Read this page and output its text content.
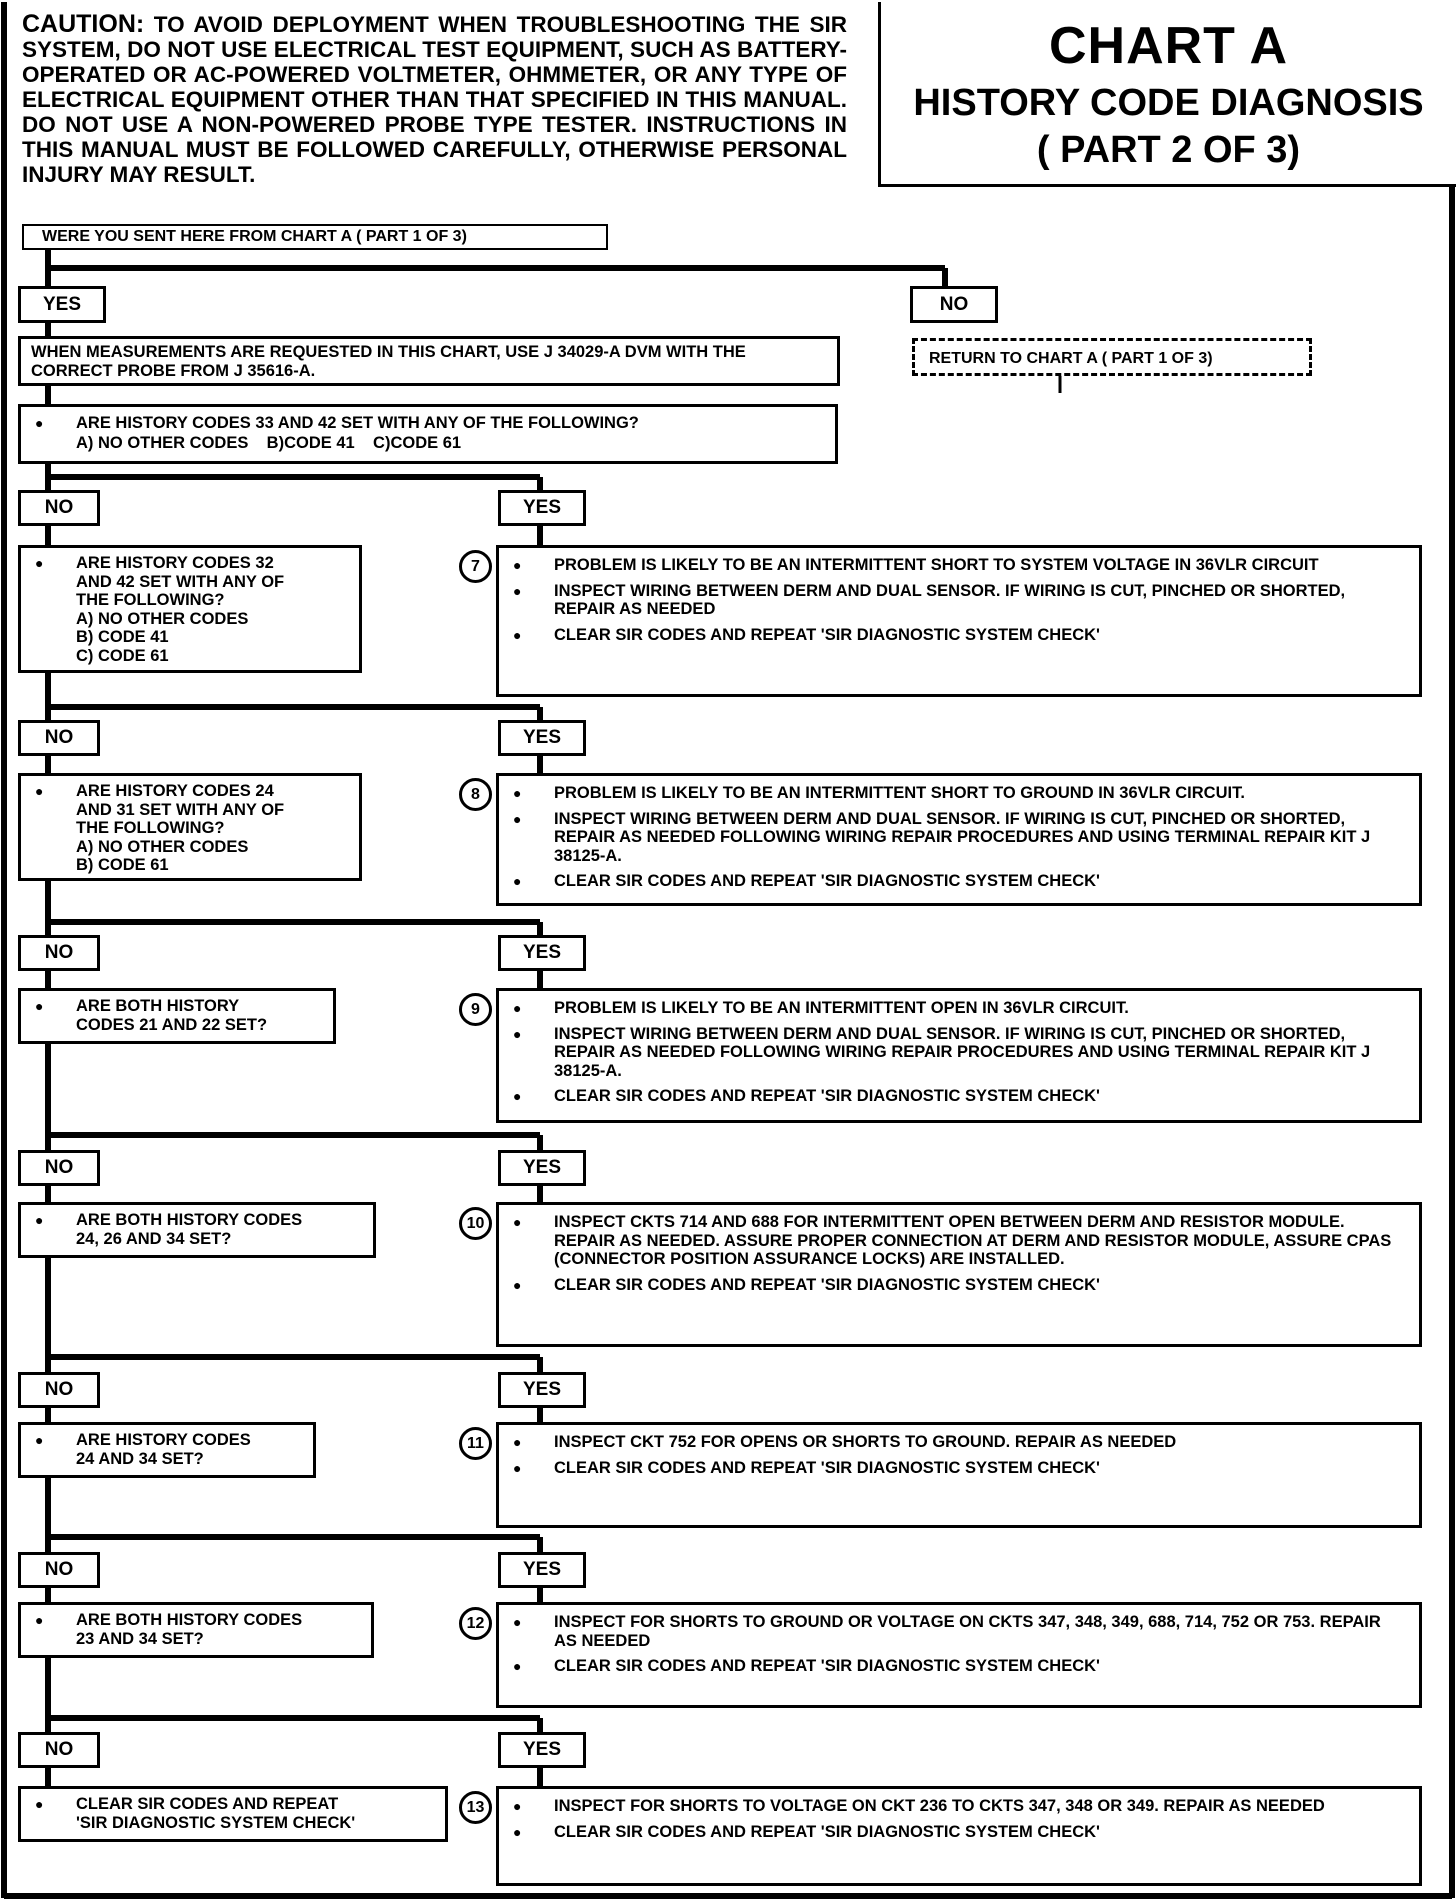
CAUTION: TO AVOID DEPLOYMENT WHEN TROUBLESHOOTING THE SIR SYSTEM, DO NOT USE ELECTRICAL TEST EQUIPMENT, SUCH AS BATTERY-OPERATED OR AC-POWERED VOLTMETER, OHMMETER, OR ANY TYPE OF ELECTRICAL EQUIPMENT OTHER THAN THAT SPECIFIED IN THIS MANUAL. DO NOT USE A NON-POWERED PROBE TYPE TESTER. INSTRUCTIONS IN THIS MANUAL MUST BE FOLLOWED CAREFULLY, OTHERWISE PERSONAL INJURY MAY RESULT.
CHART A
HISTORY CODE DIAGNOSIS
( PART 2 OF 3)
WERE YOU SENT HERE FROM CHART A ( PART 1 OF 3)
YES	NO
RETURN TO CHART A ( PART 1 OF 3)
WHEN MEASUREMENTS ARE REQUESTED IN THIS CHART, USE J 34029-A DVM WITH THE CORRECT PROBE FROM J 35616-A.
● ARE HISTORY CODES 33 AND 42 SET WITH ANY OF THE FOLLOWING?
A) NO OTHER CODES    B)CODE 41    C)CODE 61
NO	YES
● ARE HISTORY CODES 32
AND 42 SET WITH ANY OF
THE FOLLOWING?
A) NO OTHER CODES
B) CODE 41
C) CODE 61
7	● PROBLEM IS LIKELY TO BE AN INTERMITTENT SHORT TO SYSTEM VOLTAGE IN 36VLR CIRCUIT
● INSPECT WIRING BETWEEN DERM AND DUAL SENSOR. IF WIRING IS CUT, PINCHED OR SHORTED, REPAIR AS NEEDED
● CLEAR SIR CODES AND REPEAT 'SIR DIAGNOSTIC SYSTEM CHECK'
NO	YES
● ARE HISTORY CODES 24
AND 31 SET WITH ANY OF
THE FOLLOWING?
A) NO OTHER CODES
B) CODE 61
8	● PROBLEM IS LIKELY TO BE AN INTERMITTENT SHORT TO GROUND IN 36VLR CIRCUIT.
● INSPECT WIRING BETWEEN DERM AND DUAL SENSOR. IF WIRING IS CUT, PINCHED OR SHORTED, REPAIR AS NEEDED FOLLOWING WIRING REPAIR PROCEDURES AND USING TERMINAL REPAIR KIT J 38125-A.
● CLEAR SIR CODES AND REPEAT 'SIR DIAGNOSTIC SYSTEM CHECK'
NO	YES
● ARE BOTH HISTORY
CODES 21 AND 22 SET?
9	● PROBLEM IS LIKELY TO BE AN INTERMITTENT OPEN IN 36VLR CIRCUIT.
● INSPECT WIRING BETWEEN DERM AND DUAL SENSOR. IF WIRING IS CUT, PINCHED OR SHORTED, REPAIR AS NEEDED FOLLOWING WIRING REPAIR PROCEDURES AND USING TERMINAL REPAIR KIT J 38125-A.
● CLEAR SIR CODES AND REPEAT 'SIR DIAGNOSTIC SYSTEM CHECK'
NO	YES
● ARE BOTH HISTORY CODES
24, 26 AND 34 SET?
10	● INSPECT CKTS 714 AND 688 FOR INTERMITTENT OPEN BETWEEN DERM AND RESISTOR MODULE. REPAIR AS NEEDED. ASSURE PROPER CONNECTION AT DERM AND RESISTOR MODULE, ASSURE CPAS (CONNECTOR POSITION ASSURANCE LOCKS) ARE INSTALLED.
● CLEAR SIR CODES AND REPEAT 'SIR DIAGNOSTIC SYSTEM CHECK'
NO	YES
● ARE HISTORY CODES
24 AND 34 SET?
11	● INSPECT CKT 752 FOR OPENS OR SHORTS TO GROUND. REPAIR AS NEEDED
● CLEAR SIR CODES AND REPEAT 'SIR DIAGNOSTIC SYSTEM CHECK'
NO	YES
● ARE BOTH HISTORY CODES
23 AND 34 SET?
12	● INSPECT FOR SHORTS TO GROUND OR VOLTAGE ON CKTS 347, 348, 349, 688, 714, 752 OR 753. REPAIR AS NEEDED
● CLEAR SIR CODES AND REPEAT 'SIR DIAGNOSTIC SYSTEM CHECK'
NO	YES
● CLEAR SIR CODES AND REPEAT
'SIR DIAGNOSTIC SYSTEM CHECK'
13	● INSPECT FOR SHORTS TO VOLTAGE ON CKT 236 TO CKTS 347, 348 OR 349. REPAIR AS NEEDED
● CLEAR SIR CODES AND REPEAT 'SIR DIAGNOSTIC SYSTEM CHECK'
